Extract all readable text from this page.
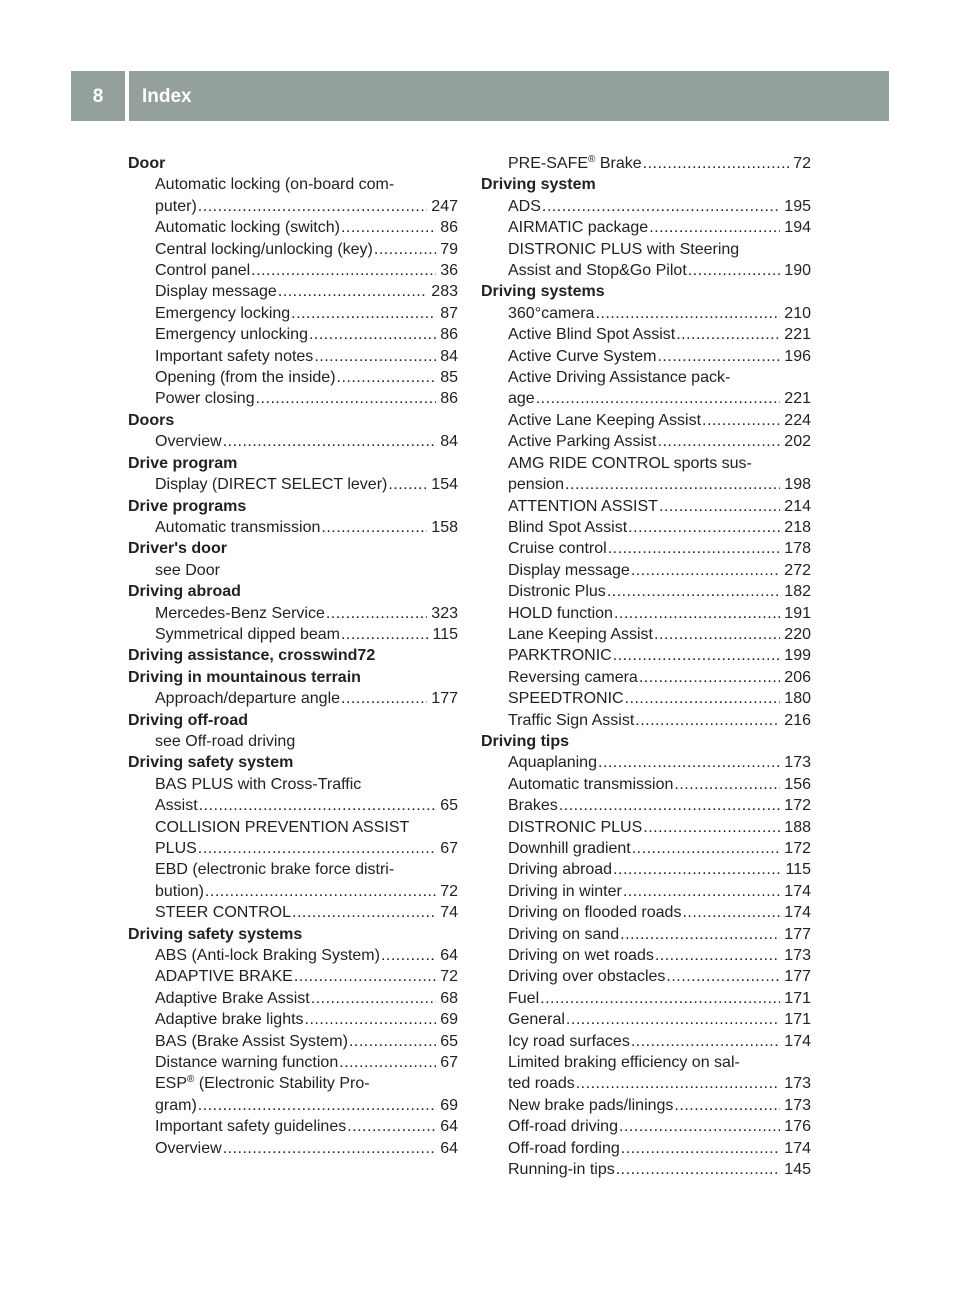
8	Index
Door
Automatic locking (on-board com-
puter) .....	247
Automatic locking (switch) .....	86
Central locking/unlocking (key) .....	79
Control panel .....	36
Display message .....	283
Emergency locking .....	87
Emergency unlocking .....	86
Important safety notes .....	84
Opening (from the inside) .....	85
Power closing .....	86
Doors
Overview .....	84
Drive program
Display (DIRECT SELECT lever) .....	154
Drive programs
Automatic transmission .....	158
Driver's door
see Door
Driving abroad
Mercedes-Benz Service .....	323
Symmetrical dipped beam .....	115
Driving assistance, crosswind 72
Driving in mountainous terrain
Approach/departure angle .....	177
Driving off-road
see Off-road driving
Driving safety system
BAS PLUS with Cross-Traffic
Assist .....	65
COLLISION PREVENTION ASSIST
PLUS .....	67
EBD (electronic brake force distri-
bution) .....	72
STEER CONTROL .....	74
Driving safety systems
ABS (Anti-lock Braking System) .....	64
ADAPTIVE BRAKE .....	72
Adaptive Brake Assist .....	68
Adaptive brake lights .....	69
BAS (Brake Assist System) .....	65
Distance warning function .....	67
ESP® (Electronic Stability Pro-
gram) .....	69
Important safety guidelines .....	64
Overview .....	64
PRE-SAFE® Brake .....	72
Driving system
ADS .....	195
AIRMATIC package .....	194
DISTRONIC PLUS with Steering
Assist and Stop&Go Pilot .....	190
Driving systems
360°camera .....	210
Active Blind Spot Assist .....	221
Active Curve System .....	196
Active Driving Assistance pack-
age .....	221
Active Lane Keeping Assist .....	224
Active Parking Assist .....	202
AMG RIDE CONTROL sports sus-
pension .....	198
ATTENTION ASSIST .....	214
Blind Spot Assist .....	218
Cruise control .....	178
Display message .....	272
Distronic Plus .....	182
HOLD function .....	191
Lane Keeping Assist .....	220
PARKTRONIC .....	199
Reversing camera .....	206
SPEEDTRONIC .....	180
Traffic Sign Assist .....	216
Driving tips
Aquaplaning .....	173
Automatic transmission .....	156
Brakes .....	172
DISTRONIC PLUS .....	188
Downhill gradient .....	172
Driving abroad .....	115
Driving in winter .....	174
Driving on flooded roads .....	174
Driving on sand .....	177
Driving on wet roads .....	173
Driving over obstacles .....	177
Fuel .....	171
General .....	171
Icy road surfaces .....	174
Limited braking efficiency on sal-
ted roads .....	173
New brake pads/linings .....	173
Off-road driving .....	176
Off-road fording .....	174
Running-in tips .....	145
